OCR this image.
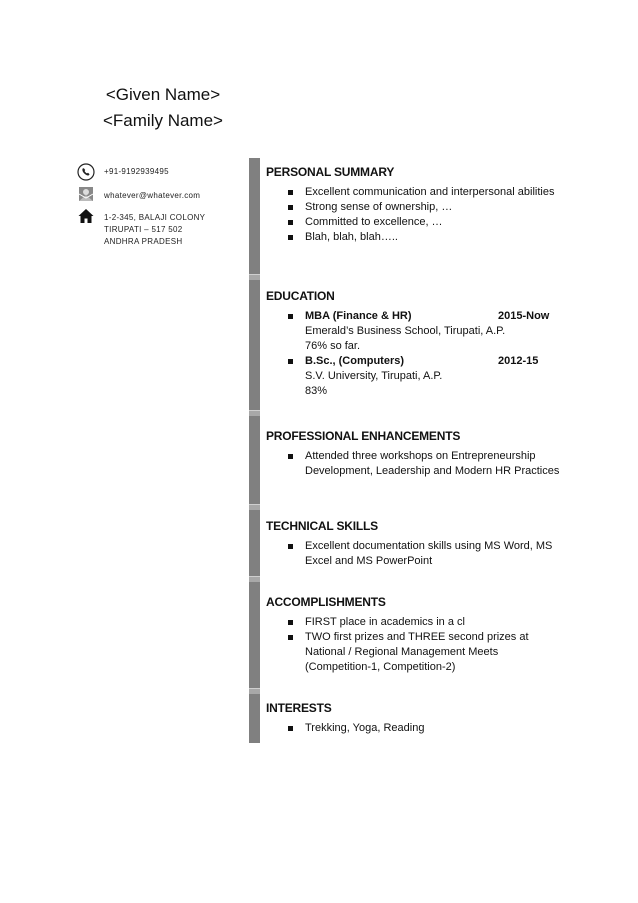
<Given Name>
<Family Name>
+91-9192939495
whatever@whatever.com
1-2-345, BALAJI COLONY
TIRUPATI – 517 502
ANDHRA PRADESH
PERSONAL SUMMARY
Excellent communication and interpersonal abilities
Strong sense of ownership, …
Committed to excellence, …
Blah, blah, blah…..
EDUCATION
MBA (Finance & HR)	2015-Now
Emerald’s Business School, Tirupati, A.P.
76% so far.
B.Sc., (Computers)	2012-15
S.V. University, Tirupati, A.P.
83%
PROFESSIONAL ENHANCEMENTS
Attended three workshops on Entrepreneurship Development, Leadership and Modern HR Practices
TECHNICAL SKILLS
Excellent documentation skills using MS Word, MS Excel and MS PowerPoint
ACCOMPLISHMENTS
FIRST place in academics in a cl
TWO first prizes and THREE second prizes at National / Regional Management Meets (Competition-1, Competition-2)
INTERESTS
Trekking, Yoga, Reading
